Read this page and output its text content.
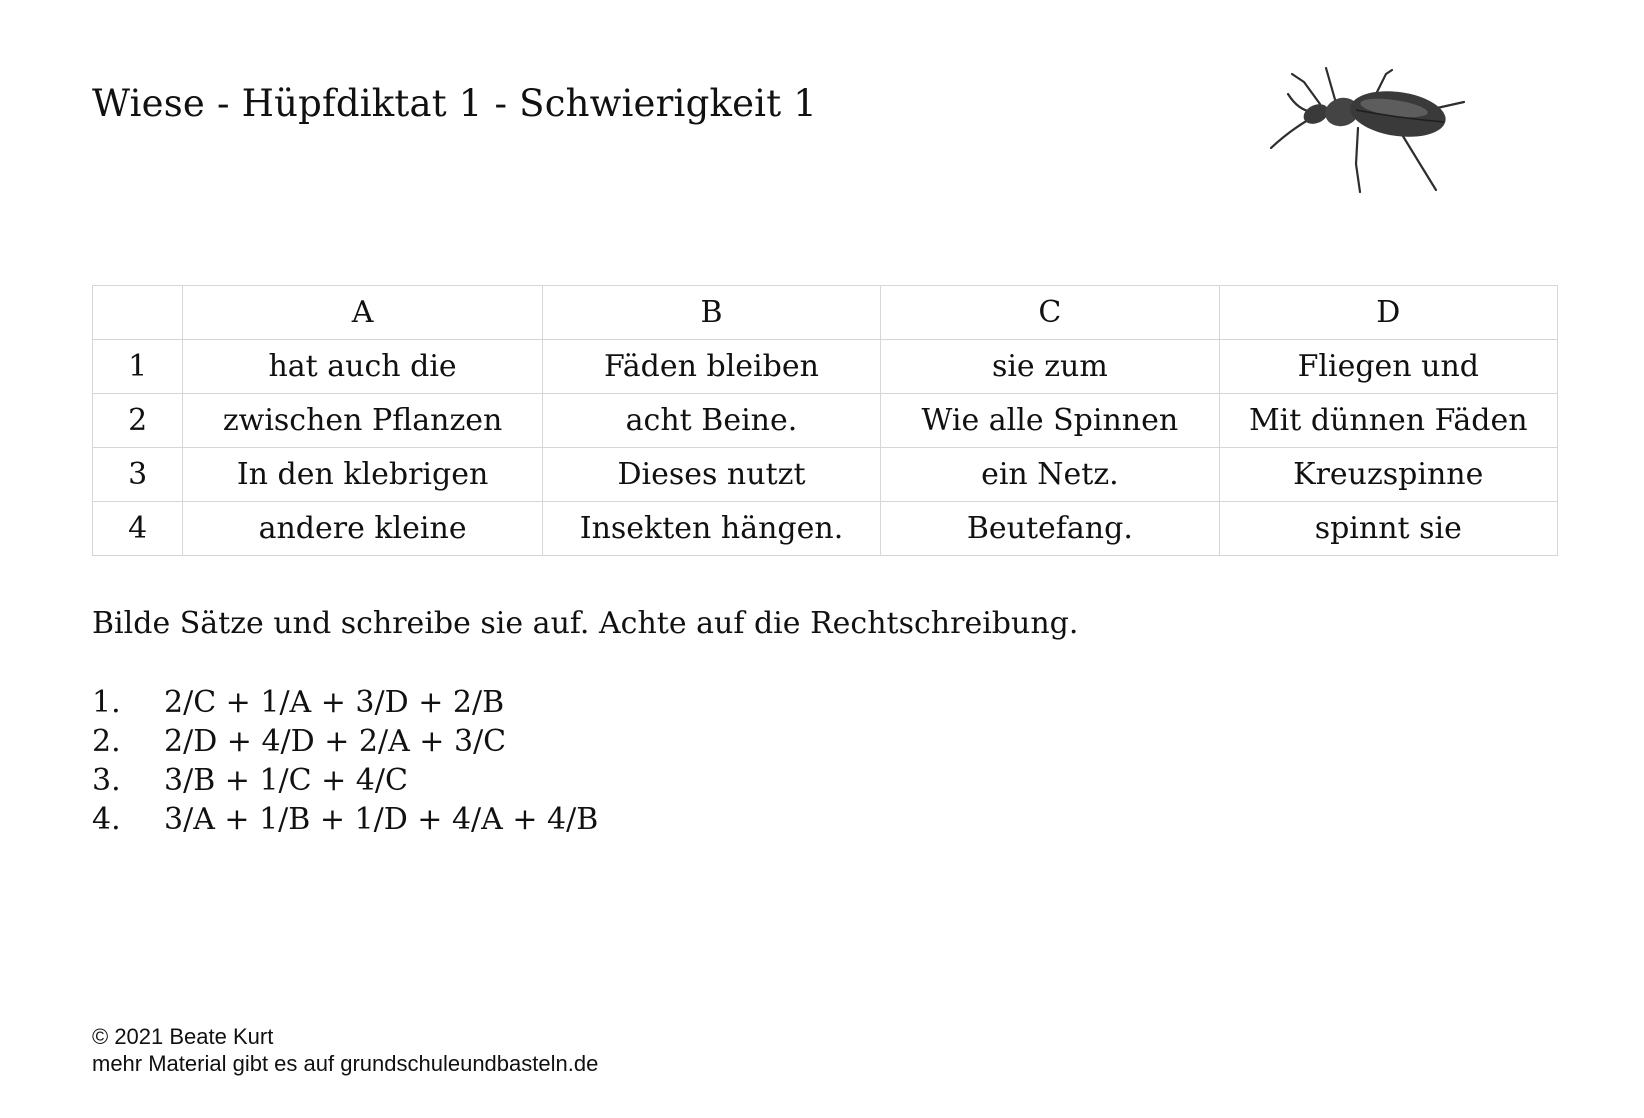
Wiese - Hüpfdiktat 1 - Schwierigkeit 1
	A	B	C	D
1	hat auch die	Fäden bleiben	sie zum	Fliegen und
2	zwischen Pflanzen	acht Beine.	Wie alle Spinnen	Mit dünnen Fäden
3	In den klebrigen	Dieses nutzt	ein Netz.	Kreuzspinne
4	andere kleine	Insekten hängen.	Beutefang.	spinnt sie

Bilde Sätze und schreibe sie auf. Achte auf die Rechtschreibung.

1.	2/C + 1/A + 3/D + 2/B
2.	2/D + 4/D + 2/A + 3/C
3.	3/B + 1/C + 4/C
4.	3/A + 1/B + 1/D + 4/A + 4/B
© 2021 Beate Kurt
mehr Material gibt es auf grundschuleundbasteln.de
